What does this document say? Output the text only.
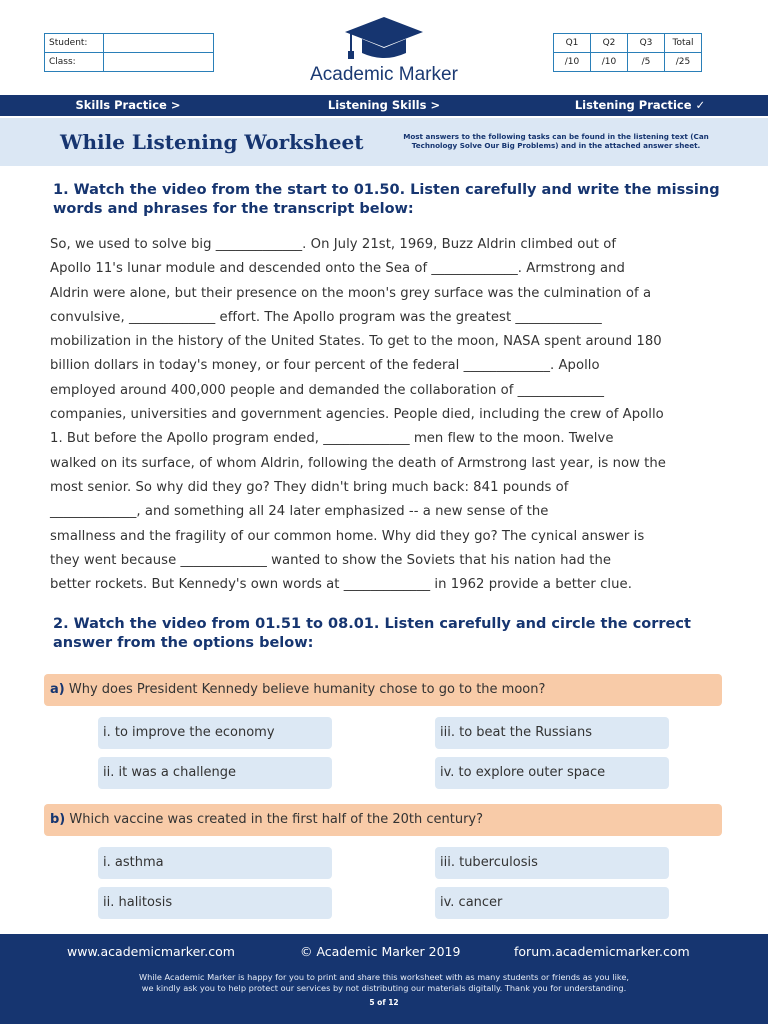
Student:	
Class:	
Academic Marker
Q1	Q2	Q3	Total
/10	/10	/5	/25
Skills Practice >	Listening Skills >	Listening Practice ✓
While Listening Worksheet	Most answers to the following tasks can be found in the listening text (Can Technology Solve Our Big Problems) and in the attached answer sheet.
1. Watch the video from the start to 01.50. Listen carefully and write the missing words and phrases for the transcript below:
So, we used to solve big _____________. On July 21st, 1969, Buzz Aldrin climbed out of
Apollo 11's lunar module and descended onto the Sea of _____________. Armstrong and
Aldrin were alone, but their presence on the moon's grey surface was the culmination of a
convulsive, _____________ effort. The Apollo program was the greatest _____________
mobilization in the history of the United States. To get to the moon, NASA spent around 180
billion dollars in today's money, or four percent of the federal _____________. Apollo
employed around 400,000 people and demanded the collaboration of _____________
companies, universities and government agencies. People died, including the crew of Apollo
1. But before the Apollo program ended, _____________ men flew to the moon. Twelve
walked on its surface, of whom Aldrin, following the death of Armstrong last year, is now the
most senior. So why did they go? They didn't bring much back: 841 pounds of
_____________, and something all 24 later emphasized -- a new sense of the
smallness and the fragility of our common home. Why did they go? The cynical answer is
they went because _____________ wanted to show the Soviets that his nation had the
better rockets. But Kennedy's own words at _____________ in 1962 provide a better clue.
2. Watch the video from 01.51 to 08.01. Listen carefully and circle the correct answer from the options below:
a) Why does President Kennedy believe humanity chose to go to the moon?
i. to improve the economy
ii. it was a challenge
iii. to beat the Russians
iv. to explore outer space
b) Which vaccine was created in the first half of the 20th century?
i. asthma
ii. halitosis
iii. tuberculosis
iv. cancer
www.academicmarker.com	© Academic Marker 2019	forum.academicmarker.com
While Academic Marker is happy for you to print and share this worksheet with as many students or friends as you like,
we kindly ask you to help protect our services by not distributing our materials digitally. Thank you for understanding.
5 of 12
